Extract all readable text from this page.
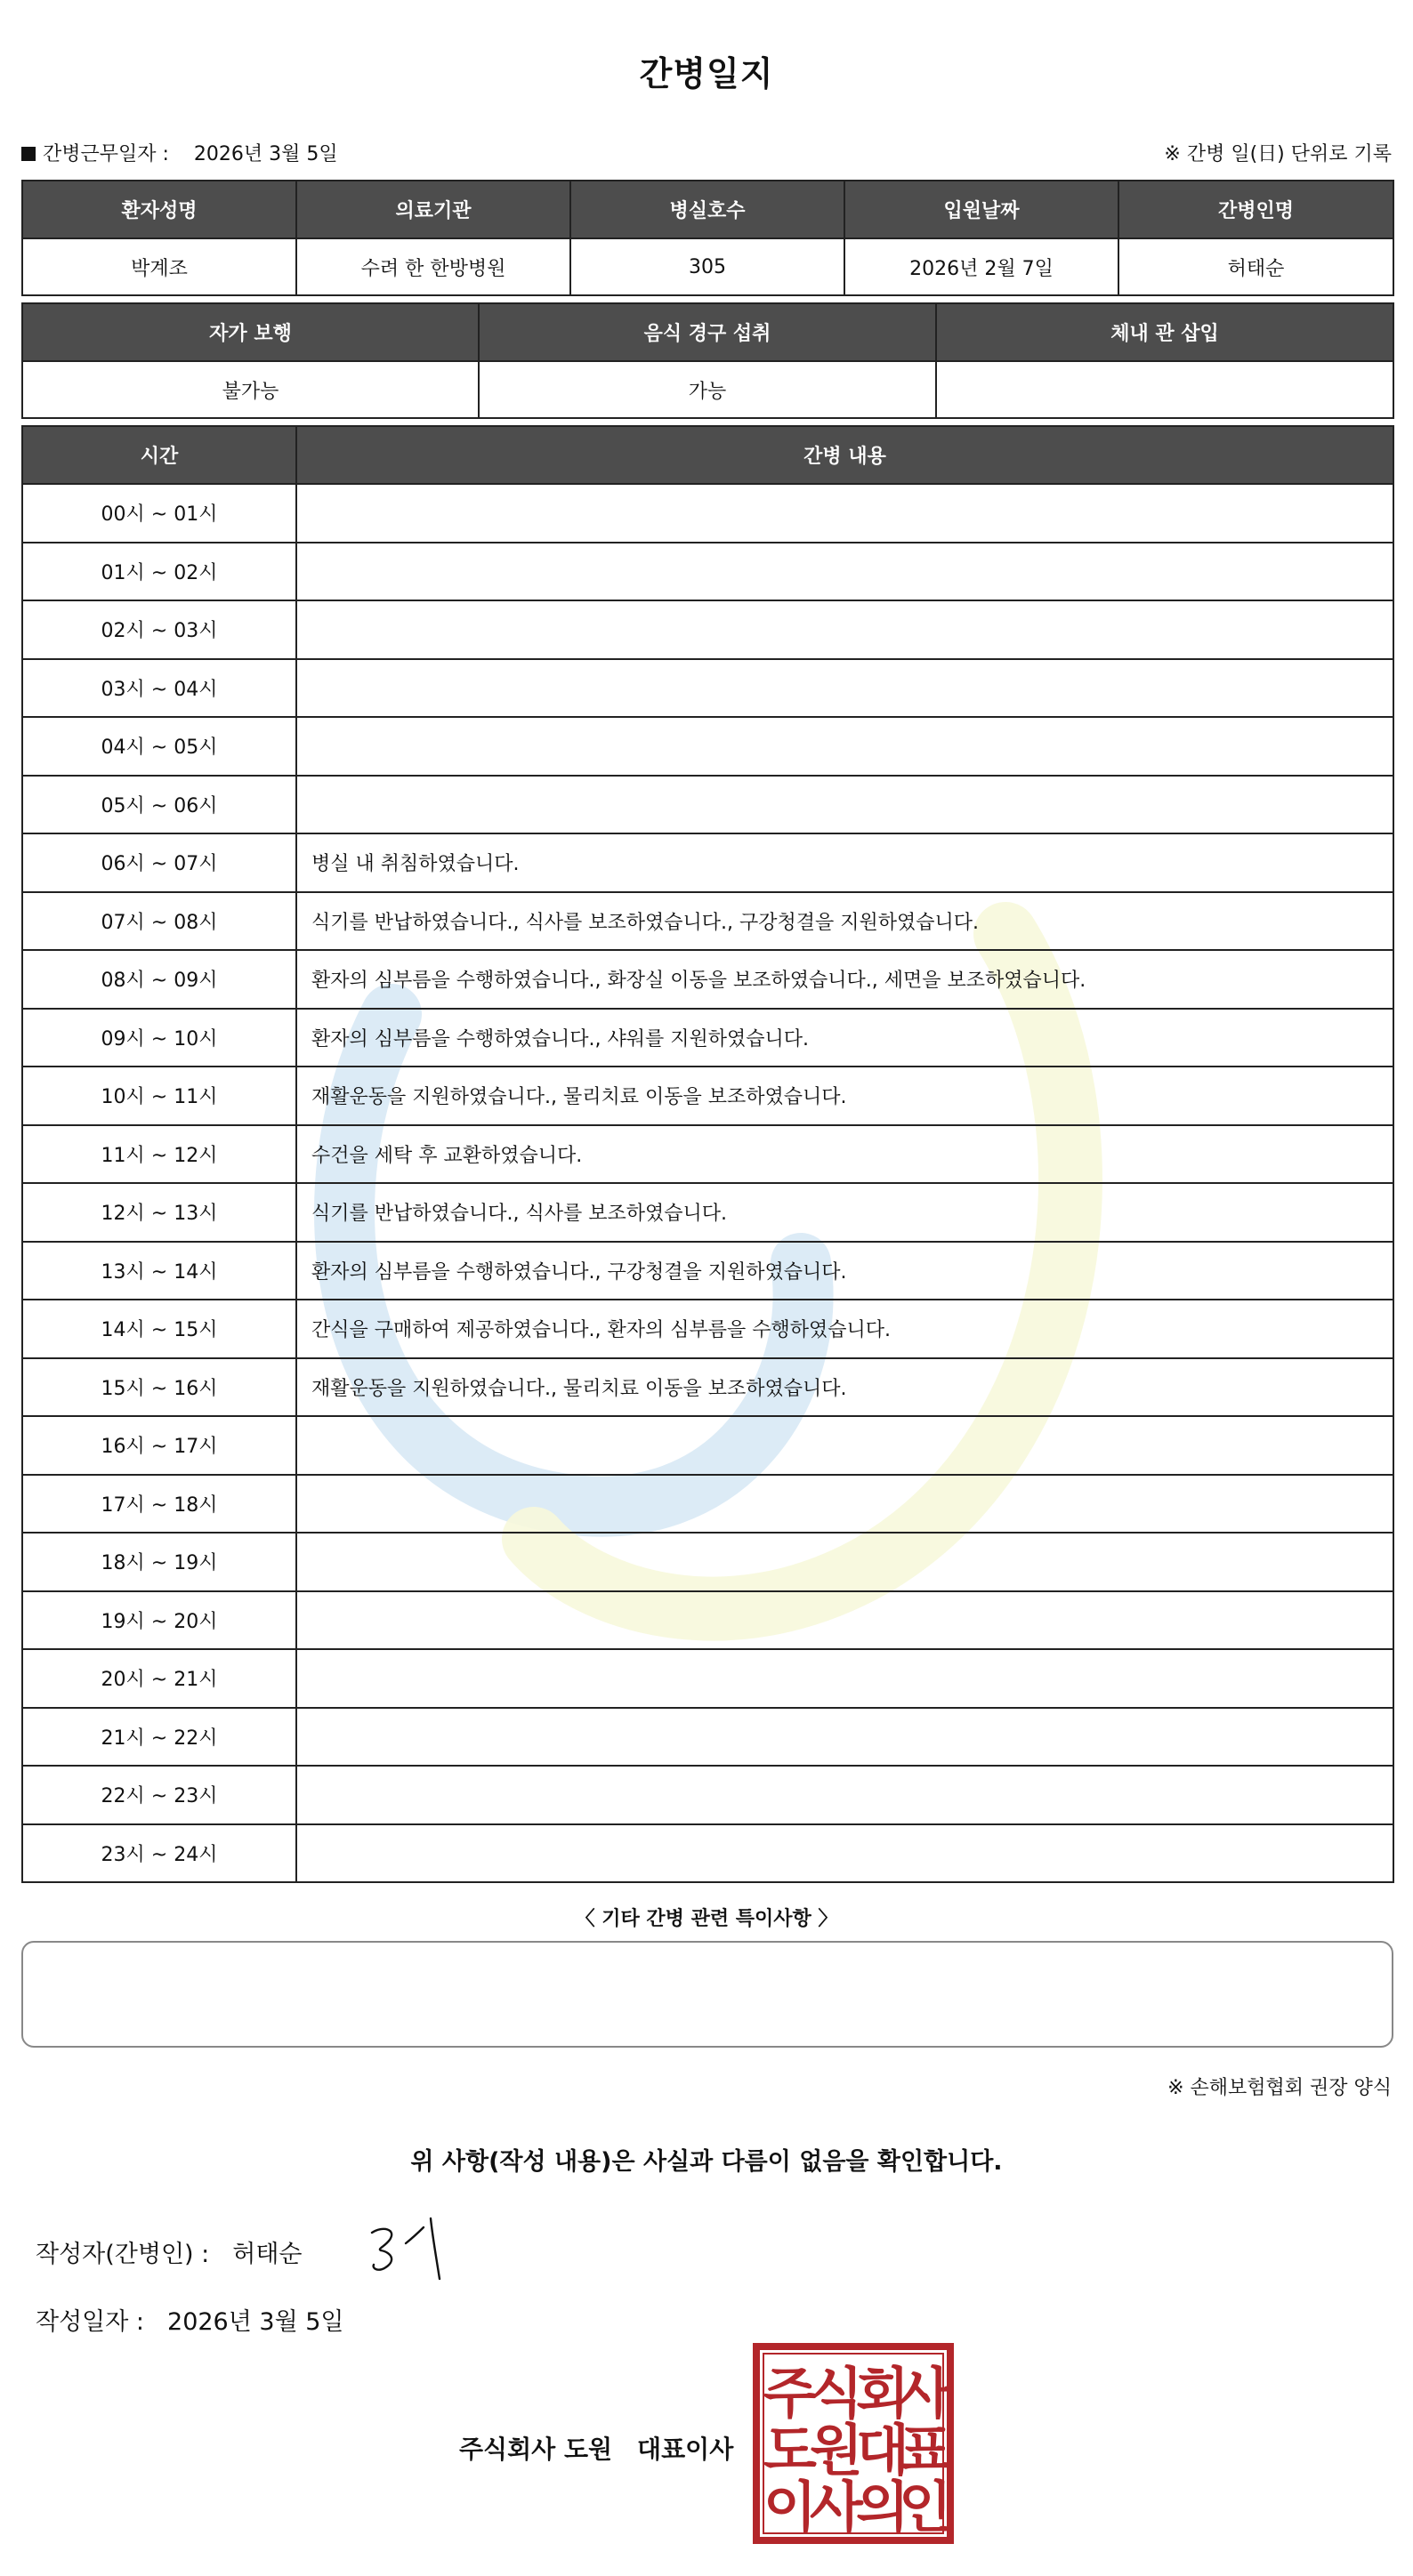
간병일지
간병근무일자 : 2026년 3월 5일	※ 간병 일(日) 단위로 기록
환자성명	의료기관	병실호수	입원날짜	간병인명
박계조	수려 한 한방병원	305	2026년 2월 7일	허태순
자가 보행	음식 경구 섭취	체내 관 삽입
불가능	가능	
시간	간병 내용
00시 ~ 01시	
01시 ~ 02시	
02시 ~ 03시	
03시 ~ 04시	
04시 ~ 05시	
05시 ~ 06시	
06시 ~ 07시	병실 내 취침하였습니다.
07시 ~ 08시	식기를 반납하였습니다., 식사를 보조하였습니다., 구강청결을 지원하였습니다.
08시 ~ 09시	환자의 심부름을 수행하였습니다., 화장실 이동을 보조하였습니다., 세면을 보조하였습니다.
09시 ~ 10시	환자의 심부름을 수행하였습니다., 샤워를 지원하였습니다.
10시 ~ 11시	재활운동을 지원하였습니다., 물리치료 이동을 보조하였습니다.
11시 ~ 12시	수건을 세탁 후 교환하였습니다.
12시 ~ 13시	식기를 반납하였습니다., 식사를 보조하였습니다.
13시 ~ 14시	환자의 심부름을 수행하였습니다., 구강청결을 지원하였습니다.
14시 ~ 15시	간식을 구매하여 제공하였습니다., 환자의 심부름을 수행하였습니다.
15시 ~ 16시	재활운동을 지원하였습니다., 물리치료 이동을 보조하였습니다.
16시 ~ 17시	
17시 ~ 18시	
18시 ~ 19시	
19시 ~ 20시	
20시 ~ 21시	
21시 ~ 22시	
22시 ~ 23시	
23시 ~ 24시	
〈 기타 간병 관련 특이사항 〉
※ 손해보험협회 권장 양식
위 사항(작성 내용)은 사실과 다름이 없음을 확인합니다.
작성자(간병인) : 허태순
작성일자 : 2026년 3월 5일
주식회사 도원 대표이사
주
식
회
사
도
원
대
표
이
사
의
인
